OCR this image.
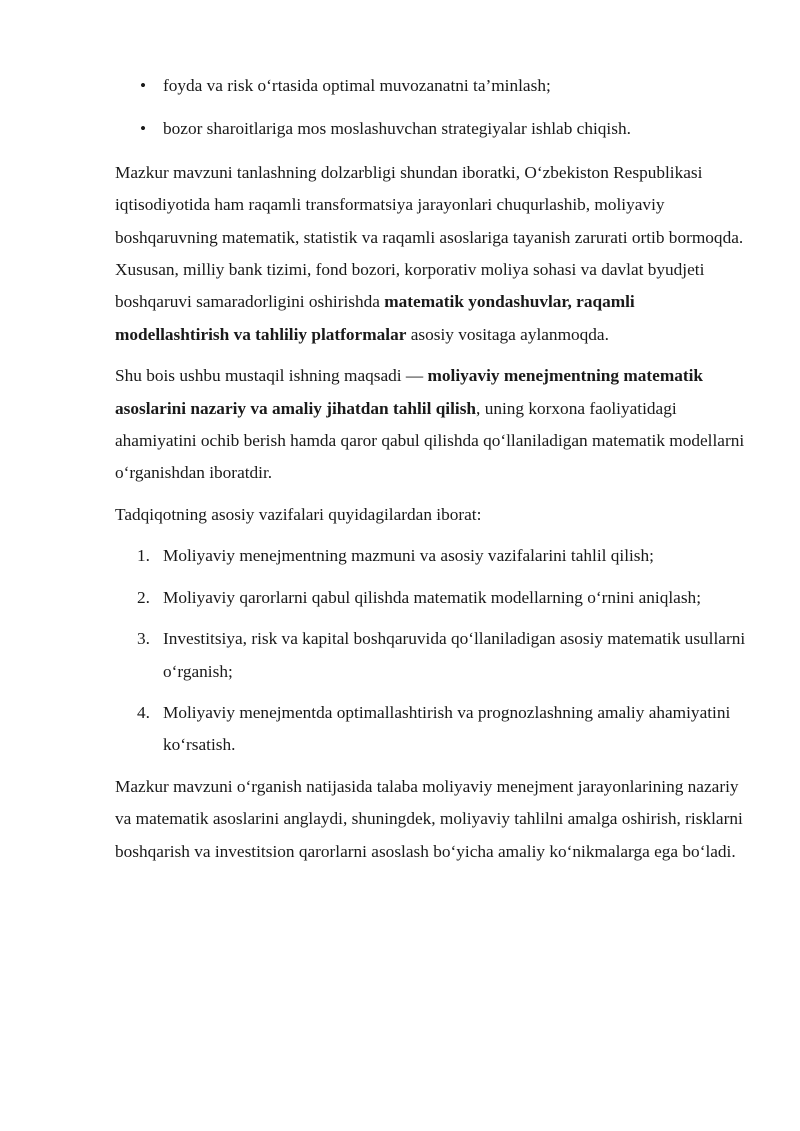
• foyda va risk o‘rtasida optimal muvozanatni ta’minlash;
• bozor sharoitlariga mos moslashuvchan strategiyalar ishlab chiqish.

Mazkur mavzuni tanlashning dolzarbligi shundan iboratki, O‘zbekiston Respublikasi iqtisodiyotida ham raqamli transformatsiya jarayonlari chuqurlashib, moliyaviy boshqaruvning matematik, statistik va raqamli asoslariga tayanish zarurati ortib bormoqda. Xususan, milliy bank tizimi, fond bozori, korporativ moliya sohasi va davlat byudjeti boshqaruvi samaradorligini oshirishda matematik yondashuvlar, raqamli modellashtirish va tahliliy platformalar asosiy vositaga aylanmoqda.

Shu bois ushbu mustaqil ishning maqsadi — moliyaviy menejmentning matematik asoslarini nazariy va amaliy jihatdan tahlil qilish, uning korxona faoliyatidagi ahamiyatini ochib berish hamda qaror qabul qilishda qo‘llaniladigan matematik modellarni o‘rganishdan iboratdir.

Tadqiqotning asosiy vazifalari quyidagilardan iborat:

1. Moliyaviy menejmentning mazmuni va asosiy vazifalarini tahlil qilish;
2. Moliyaviy qarorlarni qabul qilishda matematik modellarning o‘rnini aniqlash;
3. Investitsiya, risk va kapital boshqaruvida qo‘llaniladigan asosiy matematik usullarni o‘rganish;
4. Moliyaviy menejmentda optimallashtirish va prognozlashning amaliy ahamiyatini ko‘rsatish.

Mazkur mavzuni o‘rganish natijasida talaba moliyaviy menejment jarayonlarining nazariy va matematik asoslarini anglaydi, shuningdek, moliyaviy tahlilni amalga oshirish, risklarni boshqarish va investitsion qarorlarni asoslash bo‘yicha amaliy ko‘nikmalarga ega bo‘ladi.
